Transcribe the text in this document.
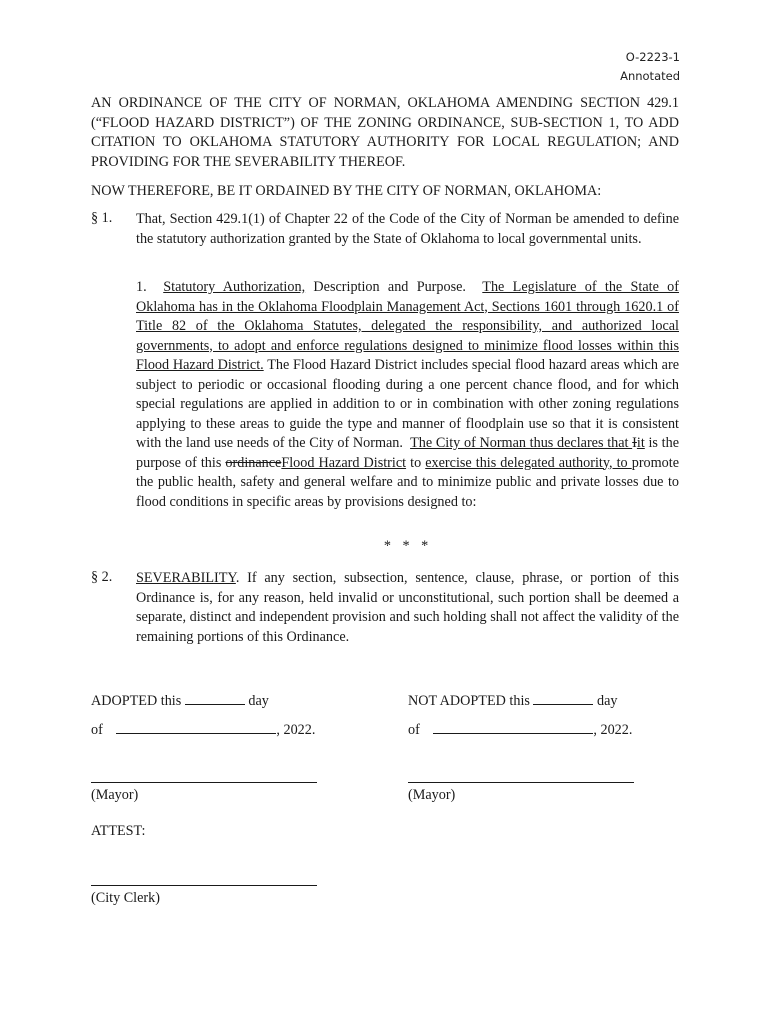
O-2223-1
Annotated
AN ORDINANCE OF THE CITY OF NORMAN, OKLAHOMA AMENDING SECTION 429.1 (“FLOOD HAZARD DISTRICT”) OF THE ZONING ORDINANCE, SUB-SECTION 1, TO ADD CITATION TO OKLAHOMA STATUTORY AUTHORITY FOR LOCAL REGULATION; AND PROVIDING FOR THE SEVERABILITY THEREOF.
NOW THEREFORE, BE IT ORDAINED BY THE CITY OF NORMAN, OKLAHOMA:
§ 1. That, Section 429.1(1) of Chapter 22 of the Code of the City of Norman be amended to define the statutory authorization granted by the State of Oklahoma to local governmental units.
1. Statutory Authorization, Description and Purpose. The Legislature of the State of Oklahoma has in the Oklahoma Floodplain Management Act, Sections 1601 through 1620.1 of Title 82 of the Oklahoma Statutes, delegated the responsibility, and authorized local governments, to adopt and enforce regulations designed to minimize flood losses within this Flood Hazard District. The Flood Hazard District includes special flood hazard areas which are subject to periodic or occasional flooding during a one percent chance flood, and for which special regulations are applied in addition to or in combination with other zoning regulations applying to these areas to guide the type and manner of floodplain use so that it is consistent with the land use needs of the City of Norman. The City of Norman thus declares that Iit is the purpose of this ordinanceFlood Hazard District to exercise this delegated authority, to promote the public health, safety and general welfare and to minimize public and private losses due to flood conditions in specific areas by provisions designed to:
* * *
§ 2. SEVERABILITY. If any section, subsection, sentence, clause, phrase, or portion of this Ordinance is, for any reason, held invalid or unconstitutional, such portion shall be deemed a separate, distinct and independent provision and such holding shall not affect the validity of the remaining portions of this Ordinance.
ADOPTED this	day	NOT ADOPTED this	day
of	, 2022.	of	, 2022.
(Mayor)	(Mayor)
ATTEST:
(City Clerk)
